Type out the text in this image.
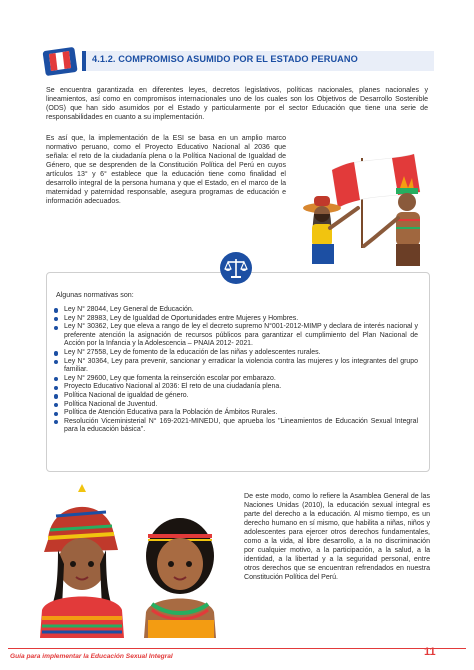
4.1.2. COMPROMISO ASUMIDO POR EL ESTADO PERUANO
Se encuentra garantizada en diferentes leyes, decretos legislativos, políticas nacionales, planes nacionales y lineamientos, así como en compromisos internacionales uno de los cuales son los Objetivos de Desarrollo Sostenible (ODS) que han sido asumidos por el Estado y particularmente por el sector Educación que tiene una serie de responsabilidades en cuanto a su implementación.
Es así que, la implementación de la ESI se basa en un amplio marco normativo peruano, como el Proyecto Educativo Nacional al 2036 que señala: el reto de la ciudadanía plena o la Política Nacional de Igualdad de Género, que se desprenden de la Constitución Política del Perú en cuyos artículos 13° y 6° establece que la educación tiene como finalidad el desarrollo integral de la persona humana y que el Estado, en el marco de la maternidad y paternidad responsable, asegura programas de educación e información adecuados.
Algunas normativas son:
Ley N° 28044, Ley General de Educación.
Ley N° 28983, Ley de Igualdad de Oportunidades entre Mujeres y Hombres.
Ley N° 30362, Ley que eleva a rango de ley el decreto supremo N°001-2012-MIMP y declara de interés nacional y preferente atención la asignación de recursos públicos para garantizar el cumplimiento del Plan Nacional de Acción por la Infancia y la Adolescencia – PNAIA 2012- 2021.
Ley N° 27558, Ley de fomento de la educación de las niñas y adolescentes rurales.
Ley N° 30364, Ley para prevenir, sancionar y erradicar la violencia contra las mujeres y los integrantes del grupo familiar.
Ley N° 29600, Ley que fomenta la reinserción escolar por embarazo.
Proyecto Educativo Nacional al 2036: El reto de una ciudadanía plena.
Política Nacional de igualdad de género.
Política Nacional de Juventud.
Política de Atención Educativa para la Población de Ámbitos Rurales.
Resolución Viceministerial N° 169-2021-MINEDU, que aprueba los "Lineamientos de Educación Sexual Integral para la educación básica".
De este modo, como lo refiere la Asamblea General de las Naciones Unidas (2010), la educación sexual integral es parte del derecho a la educación. Al mismo tiempo, es un derecho humano en sí mismo, que habilita a niñas, niños y adolescentes para ejercer otros derechos fundamentales, como a la vida, al libre desarrollo, a la no discriminación por cualquier motivo, a la participación, a la salud, a la identidad, a la libertad y a la seguridad personal, entre otros derechos que se encuentran refrendados en nuestra Constitución Política del Perú.
Guía para implementar la Educación Sexual Integral	11
